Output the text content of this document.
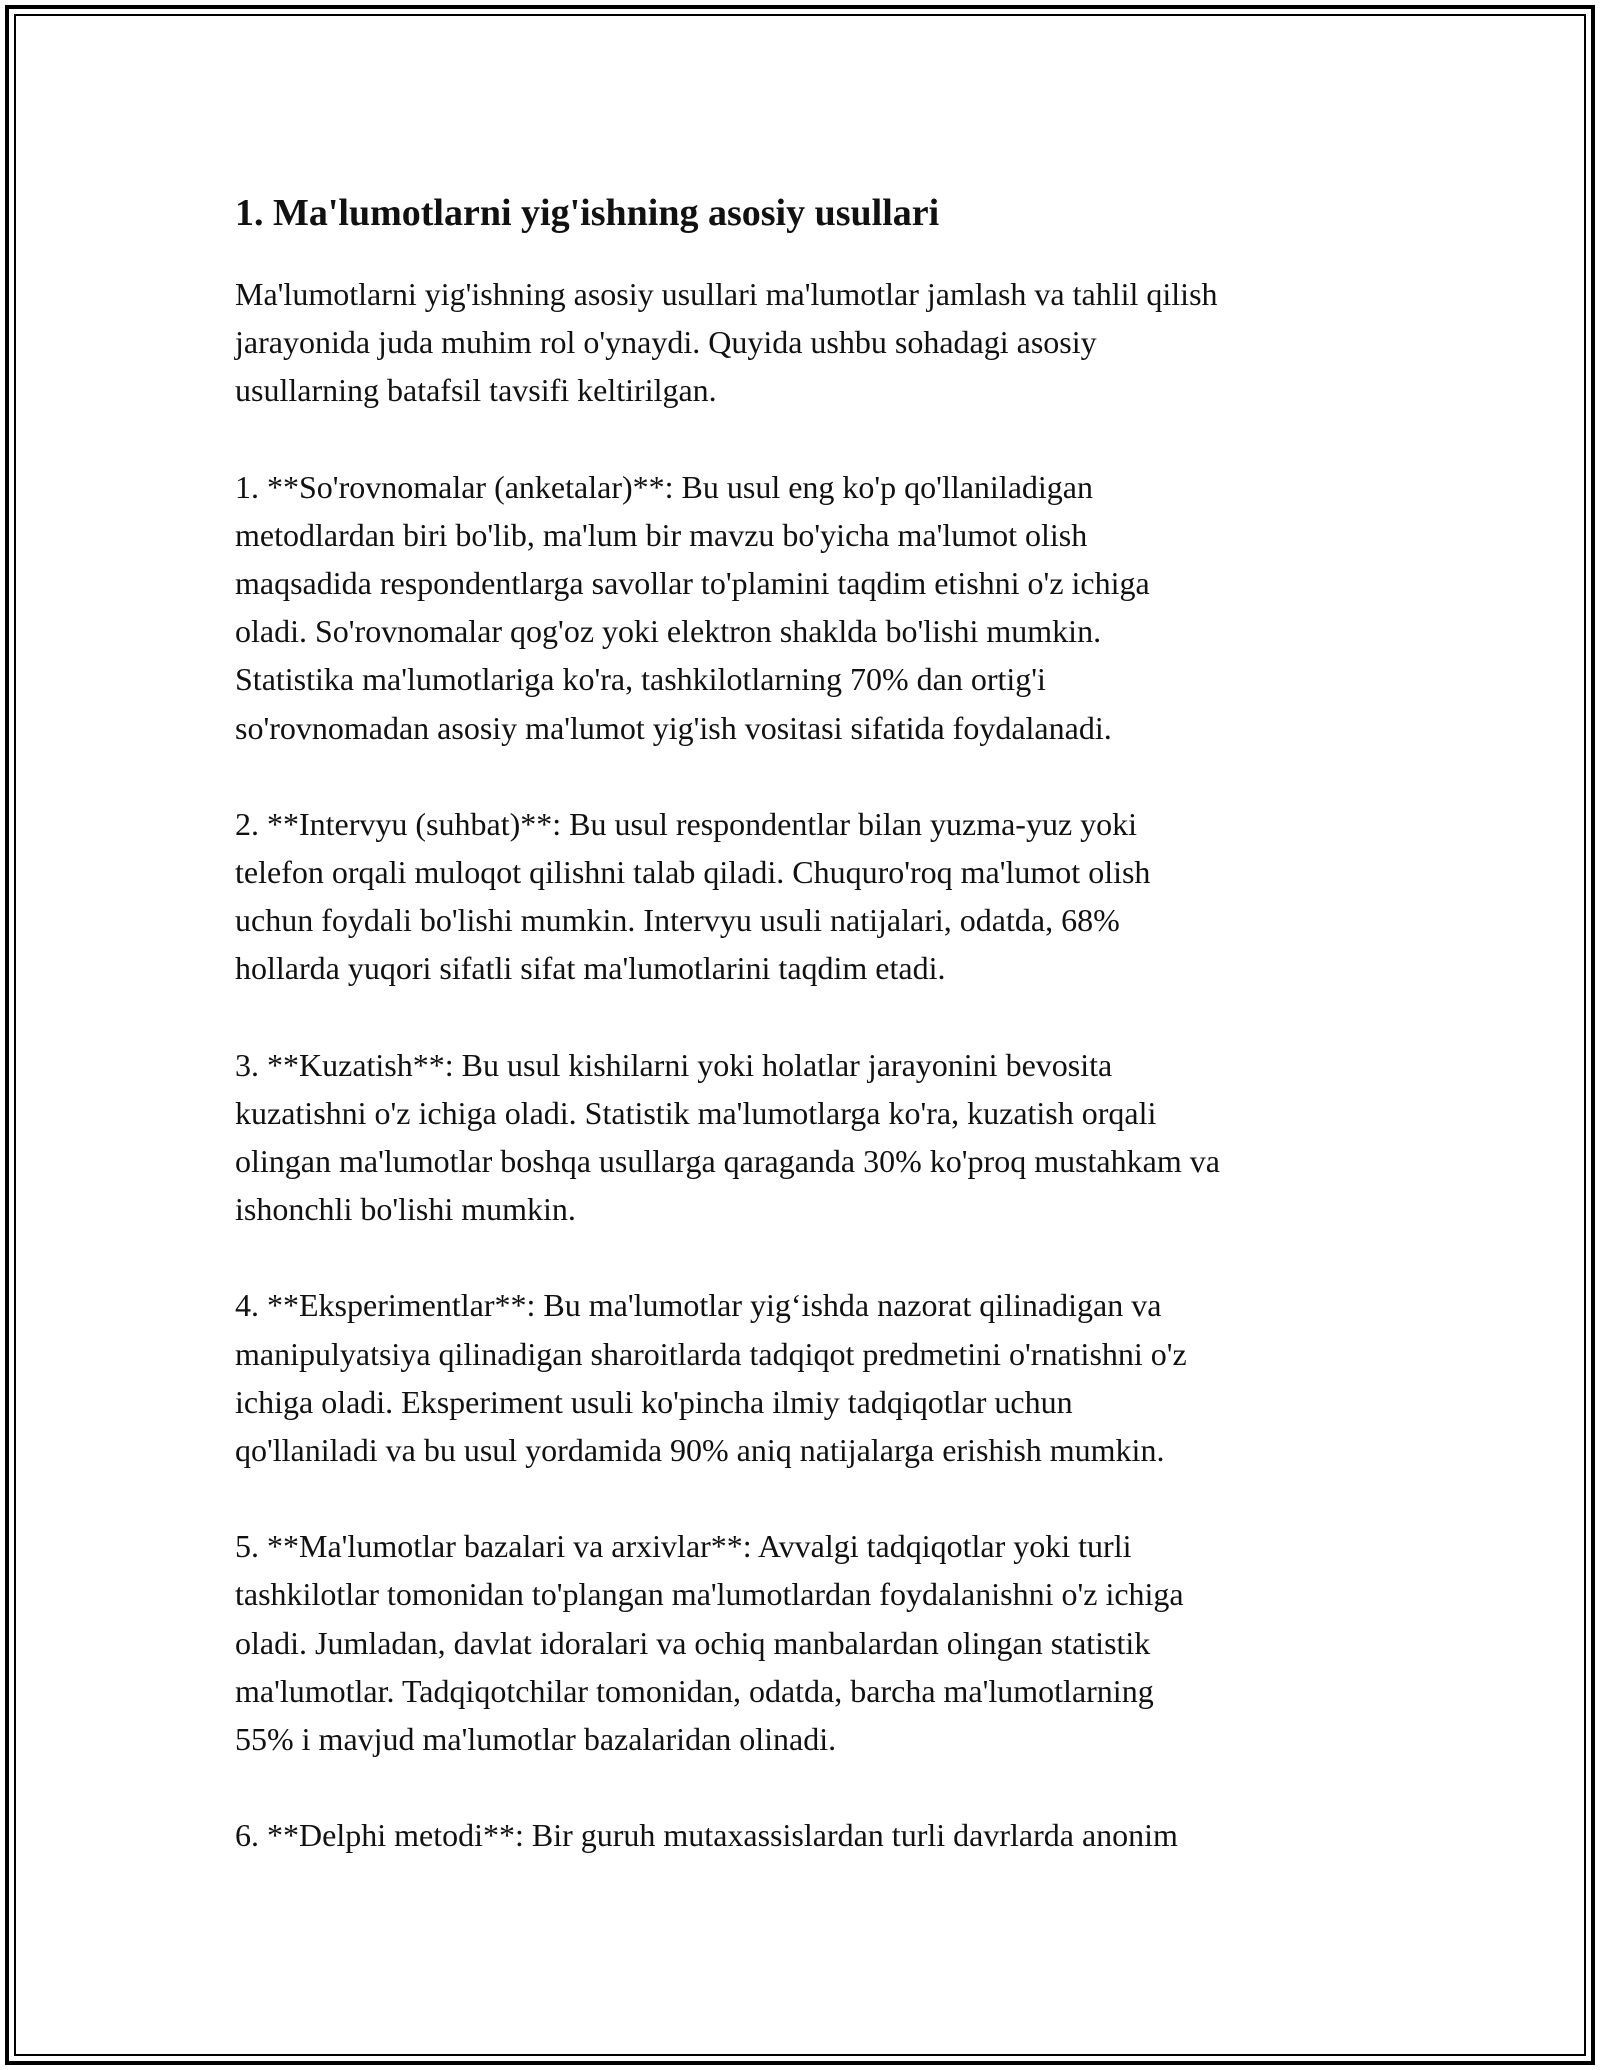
1. Ma'lumotlarni yig'ishning asosiy usullari
Ma'lumotlarni yig'ishning asosiy usullari ma'lumotlar jamlash va tahlil qilish
jarayonida juda muhim rol o'ynaydi. Quyida ushbu sohadagi asosiy
usullarning batafsil tavsifi keltirilgan.
1. **So'rovnomalar (anketalar)**: Bu usul eng ko'p qo'llaniladigan
metodlardan biri bo'lib, ma'lum bir mavzu bo'yicha ma'lumot olish
maqsadida respondentlarga savollar to'plamini taqdim etishni o'z ichiga
oladi. So'rovnomalar qog'oz yoki elektron shaklda bo'lishi mumkin.
Statistika ma'lumotlariga ko'ra, tashkilotlarning 70% dan ortig'i
so'rovnomadan asosiy ma'lumot yig'ish vositasi sifatida foydalanadi.
2. **Intervyu (suhbat)**: Bu usul respondentlar bilan yuzma-yuz yoki
telefon orqali muloqot qilishni talab qiladi. Chuquro'roq ma'lumot olish
uchun foydali bo'lishi mumkin. Intervyu usuli natijalari, odatda, 68%
hollarda yuqori sifatli sifat ma'lumotlarini taqdim etadi.
3. **Kuzatish**: Bu usul kishilarni yoki holatlar jarayonini bevosita
kuzatishni o'z ichiga oladi. Statistik ma'lumotlarga ko'ra, kuzatish orqali
olingan ma'lumotlar boshqa usullarga qaraganda 30% ko'proq mustahkam va
ishonchli bo'lishi mumkin.
4. **Eksperimentlar**: Bu ma'lumotlar yig‘ishda nazorat qilinadigan va
manipulyatsiya qilinadigan sharoitlarda tadqiqot predmetini o'rnatishni o'z
ichiga oladi. Eksperiment usuli ko'pincha ilmiy tadqiqotlar uchun
qo'llaniladi va bu usul yordamida 90% aniq natijalarga erishish mumkin.
5. **Ma'lumotlar bazalari va arxivlar**: Avvalgi tadqiqotlar yoki turli
tashkilotlar tomonidan to'plangan ma'lumotlardan foydalanishni o'z ichiga
oladi. Jumladan, davlat idoralari va ochiq manbalardan olingan statistik
ma'lumotlar. Tadqiqotchilar tomonidan, odatda, barcha ma'lumotlarning
55% i mavjud ma'lumotlar bazalaridan olinadi.
6. **Delphi metodi**: Bir guruh mutaxassislardan turli davrlarda anonim
